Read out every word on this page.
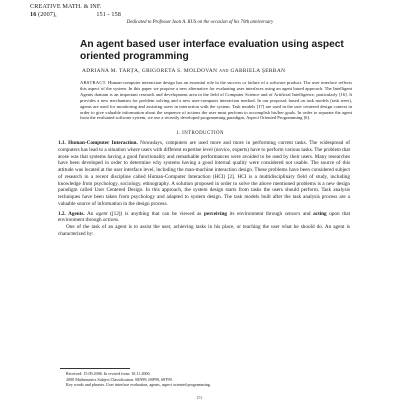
CREATIVE MATH. & INF.
16 (2007),	151 - 158
Dedicated to Professor Ioan A. RUS on the occasion of his 70th anniversary
An agent based user interface evaluation using aspect oriented programming
ADRIANA M. TARȚA, GRIGORETA S. MOLDOVAN and GABRIELA ȘERBAN
ABSTRACT. Human-computer interaction design has an essential role in the success or failure of a software product. The user interface reflects this aspect of the system. In this paper we propose a new alternative for evaluating user interfaces using an agent based approach. The Intelligent Agents domain is an important research and development area in the field of Computer Science and of Artificial Intelligence, particularly [16]. It provides a new mechanism for problem solving and a new user-computer interaction method. In our proposal, based on task models (task trees), agents are used for monitoring and assisting users in interaction with the system. Task models [17] are used in the user centered design context in order to give valuable information about the sequence of actions the user must perform to accomplish his/her goals. In order to separate the agent from the evaluated software system, we use a recently developed programming paradigm, Aspect Oriented Programming [6].
1. INTRODUCTION

1.1. Human-Computer Interaction. Nowadays, computers are used more and more in performing current tasks. The widespread of computers has lead to a situation where users with different expertise level (novice, experts) have to perform various tasks. The problem that arose was that systems having a good functionality and remarkable performances were avoided to be used by their users. Many researches have been developed in order to determine why systems having a good internal quality were considered not usable. The source of this attitude was located at the user interface level, including the man-machine interaction design. These problems have been considered subject of research in a recent discipline called Human-Computer Interaction (HCI) [2]. HCI is a multidisciplinary field of study, including knowledge from psychology, sociology, ethnography. A solution proposed in order to solve the above mentioned problems is a new design paradigm called User Centered Design. In this approach, the system design starts from tasks the users should perform. Task analysis techniques have been taken from psychology and adapted to system design. The task models built after the task analysis process are a valuable source of information in the design process.

1.2. Agents. An agent ([12]) is anything that can be viewed as perceiving its environment through sensors and acting upon that environment through actions.

One of the task of an agent is to assist the user, achieving tasks in his place, or teaching the user what he should do. An agent is characterized by:

Received: 15.09.2006. In revised form: 10.11.2006
2000 Mathematics Subject Classification. 68N99, 68P99, 68T99.
Key words and phrases. User interface evaluation, agents, aspect oriented programming.
151
